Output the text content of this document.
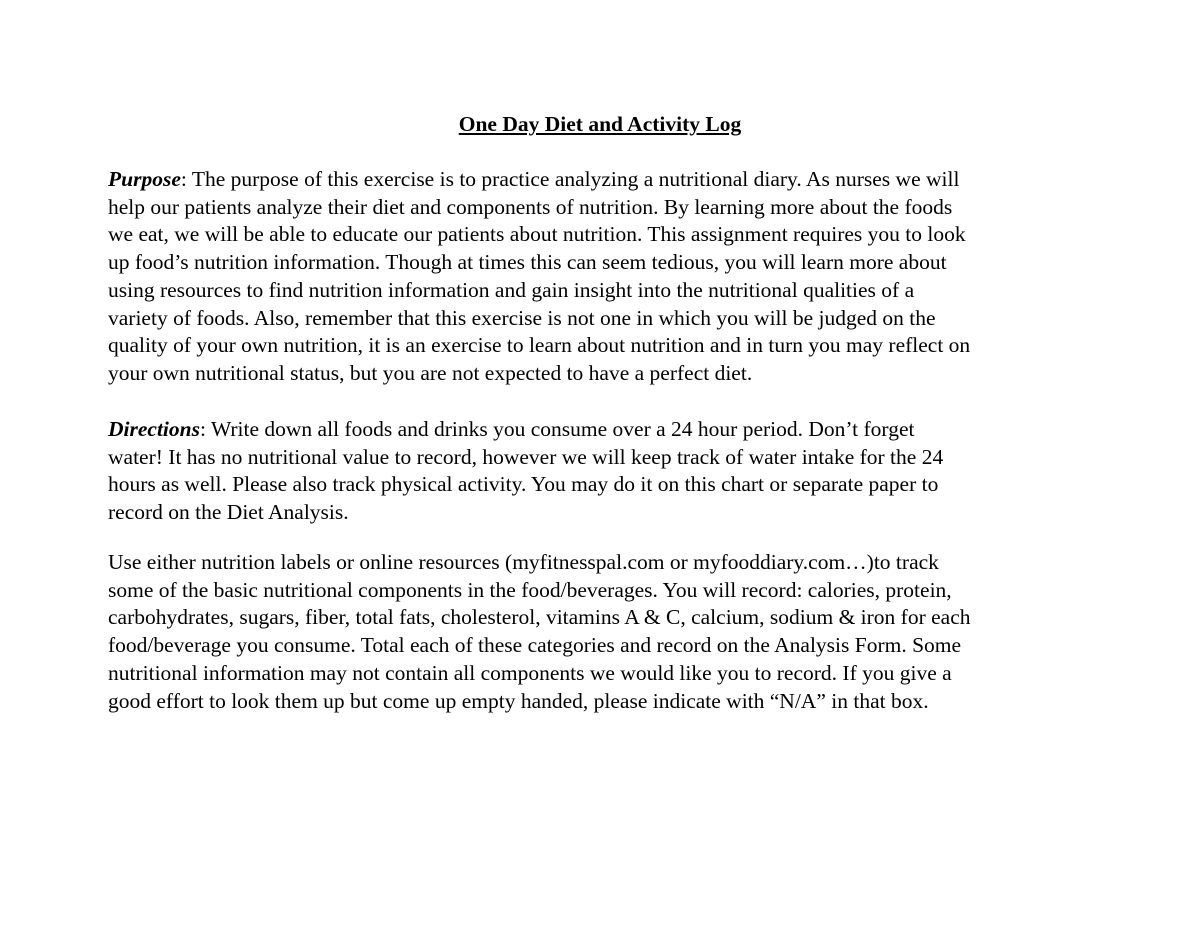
One Day Diet and Activity Log

Purpose: The purpose of this exercise is to practice analyzing a nutritional diary. As nurses we will
help our patients analyze their diet and components of nutrition. By learning more about the foods
we eat, we will be able to educate our patients about nutrition. This assignment requires you to look
up food’s nutrition information. Though at times this can seem tedious, you will learn more about
using resources to find nutrition information and gain insight into the nutritional qualities of a
variety of foods. Also, remember that this exercise is not one in which you will be judged on the
quality of your own nutrition, it is an exercise to learn about nutrition and in turn you may reflect on
your own nutritional status, but you are not expected to have a perfect diet.

Directions: Write down all foods and drinks you consume over a 24 hour period. Don’t forget
water! It has no nutritional value to record, however we will keep track of water intake for the 24
hours as well. Please also track physical activity. You may do it on this chart or separate paper to
record on the Diet Analysis.

Use either nutrition labels or online resources (myfitnesspal.com or myfooddiary.com…)to track
some of the basic nutritional components in the food/beverages. You will record: calories, protein,
carbohydrates, sugars, fiber, total fats, cholesterol, vitamins A & C, calcium, sodium & iron for each
food/beverage you consume. Total each of these categories and record on the Analysis Form. Some
nutritional information may not contain all components we would like you to record. If you give a
good effort to look them up but come up empty handed, please indicate with “N/A” in that box.
